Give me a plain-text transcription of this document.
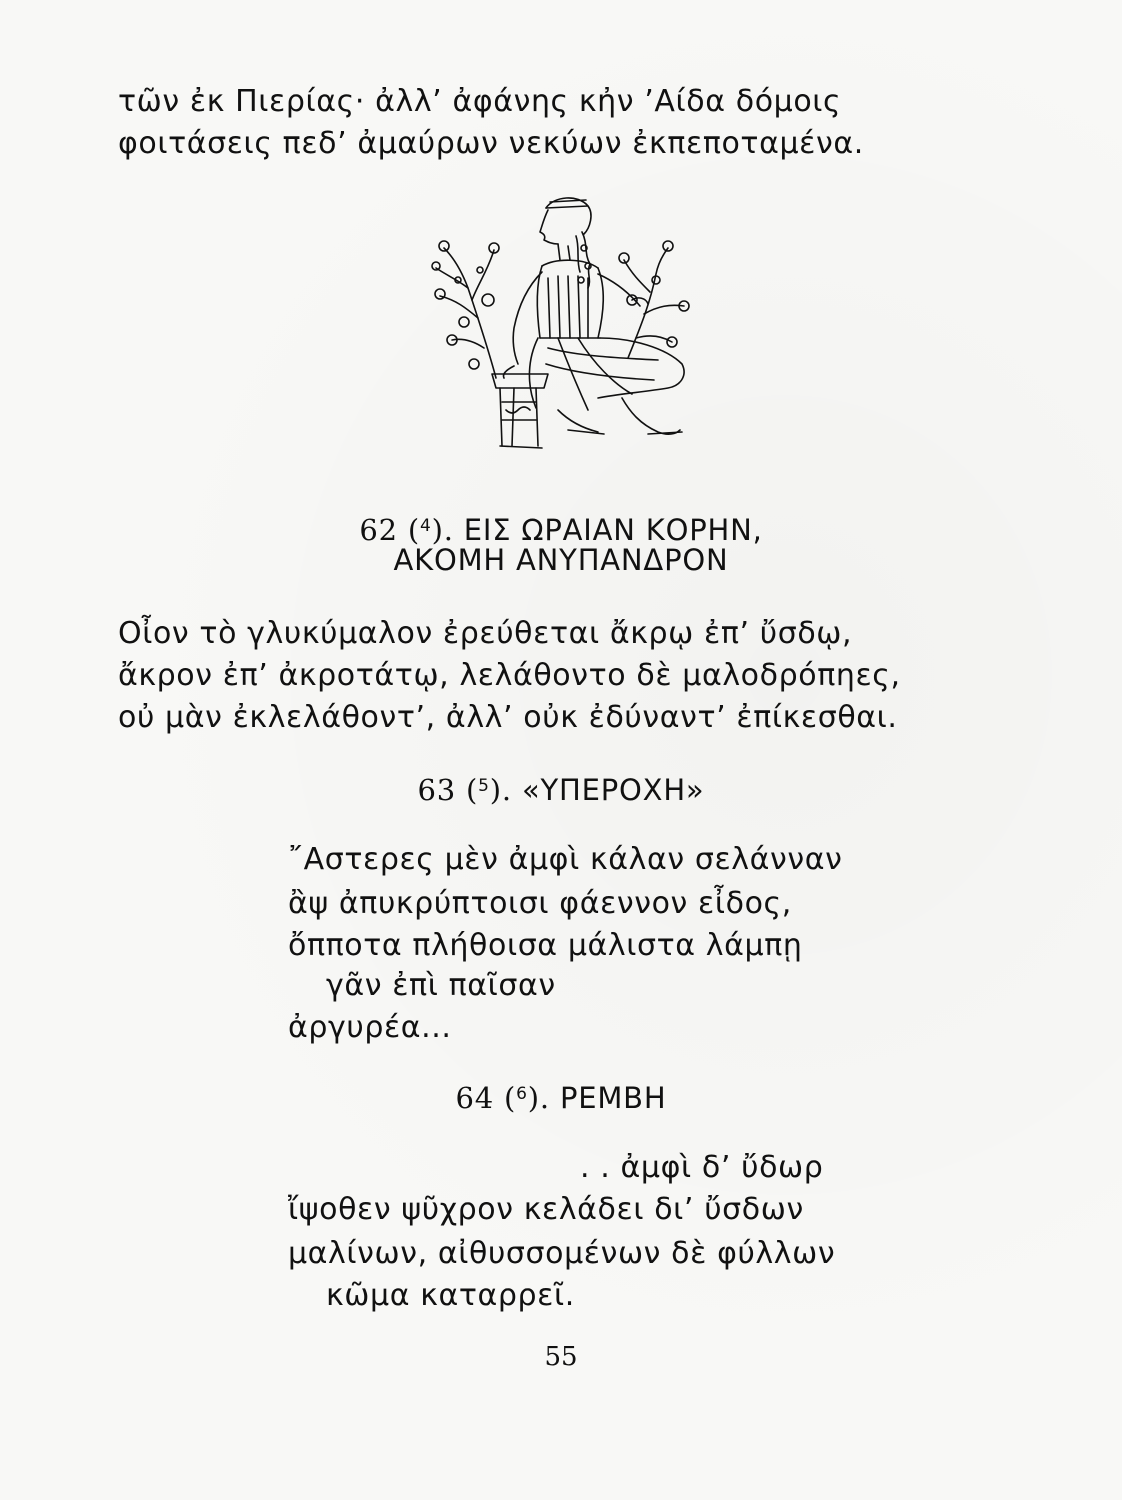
τῶν ἐκ Πιερίας· ἀλλ’ ἀφάνης κἠν ’Αίδα δόμοις
φοιτάσεις πεδ’ ἀμαύρων νεκύων ἐκπεποταμένα.
62 ($^4$). ΕΙΣ ΩΡΑΙΑΝ ΚΟΡΗΝ,
ΑΚΟΜΗ ΑΝΥΠΑΝΔΡΟΝ
Οἶον τὸ γλυκύμαλον ἐρεύθεται ἄκρῳ ἐπ’ ὔσδῳ,
ἄκρον ἐπ’ ἀκροτάτῳ, λελάθοντο δὲ μαλοδρόπηες,
οὐ μὰν ἐκλελάθοντ’, ἀλλ’ οὐκ ἐδύναντ’ ἐπίκεσθαι.
63 ($^5$). «ΥΠΕΡΟΧΗ»
῎Αστερες μὲν ἀμφὶ κάλαν σελάνναν
ἂψ ἀπυκρύπτοισι φάεννον εἶδος,
ὄπποτα πλήθοισα μάλιστα λάμπῃ
γᾶν ἐπὶ παῖσαν
ἀργυρέα...
64 ($^6$). ΡΕΜΒΗ
. . ἀμφὶ δ’ ὔδωρ
ἴψοθεν ψῦχρον κελάδει δι’ ὔσδων
μαλίνων, αἰθυσσομένων δὲ φύλλων
κῶμα καταρρεῖ.
55
